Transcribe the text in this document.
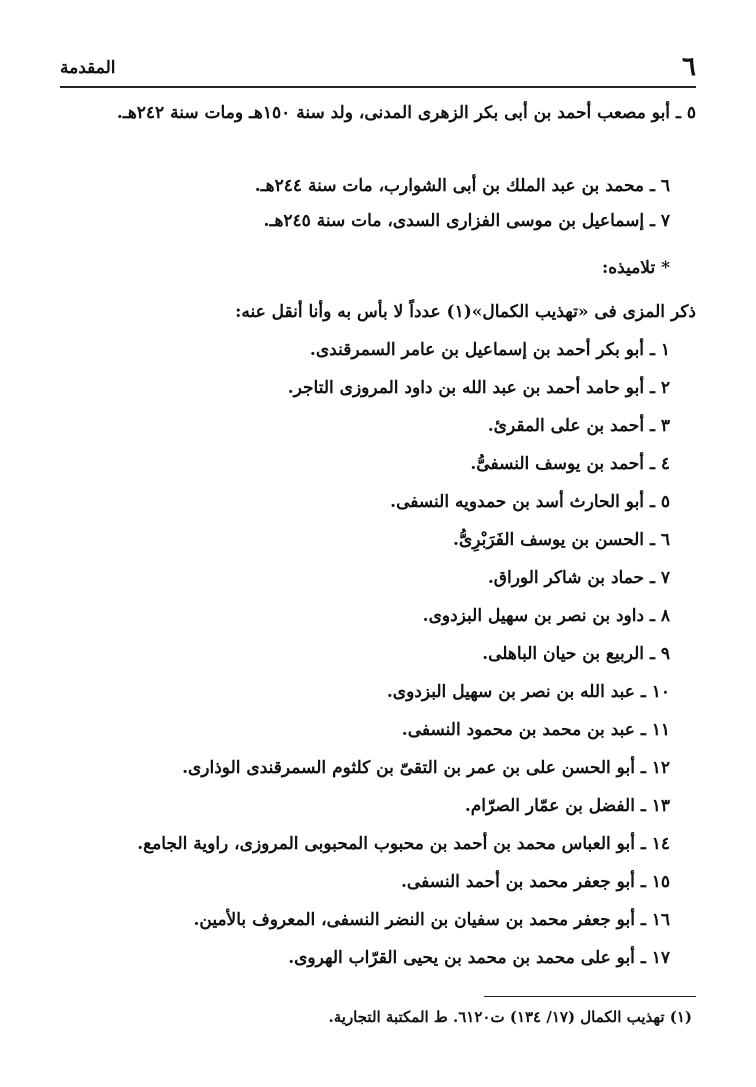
٦
المقدمة
٥ ـ أبو مصعب أحمد بن أبى بكر الزهرى المدنى، ولد سنة ١٥٠هـ ومات سنة ٢٤٢هـ.
٦ ـ محمد بن عبد الملك بن أبى الشوارب، مات سنة ٢٤٤هـ.
٧ ـ إسماعيل بن موسى الفزارى السدى، مات سنة ٢٤٥هـ.
* تلاميذه:
ذكر المزى فى «تهذيب الكمال»(١) عدداً لا بأس به وأنا أنقل عنه:
١ ـ أبو بكر أحمد بن إسماعيل بن عامر السمرقندى.
٢ ـ أبو حامد أحمد بن عبد الله بن داود المروزى التاجر.
٣ ـ أحمد بن على المقرئ.
٤ ـ أحمد بن يوسف النسفىُّ.
٥ ـ أبو الحارث أسد بن حمدويه النسفى.
٦ ـ الحسن بن يوسف الفَرَبْرِىُّ.
٧ ـ حماد بن شاكر الوراق.
٨ ـ داود بن نصر بن سهيل البزدوى.
٩ ـ الربيع بن حيان الباهلى.
١٠ ـ عبد الله بن نصر بن سهيل البزدوى.
١١ ـ عبد بن محمد بن محمود النسفى.
١٢ ـ أبو الحسن على بن عمر بن التقىّ بن كلثوم السمرقندى الوذارى.
١٣ ـ الفضل بن عمّار الصرّام.
١٤ ـ أبو العباس محمد بن أحمد بن محبوب المحبوبى المروزى، راوية الجامع.
١٥ ـ أبو جعفر محمد بن أحمد النسفى.
١٦ ـ أبو جعفر محمد بن سفيان بن النضر النسفى، المعروف بالأمين.
١٧ ـ أبو على محمد بن محمد بن يحيى القرّاب الهروى.
(١) تهذيب الكمال (١٧/ ١٣٤) ت٦١٢٠. ط المكتبة التجارية.
